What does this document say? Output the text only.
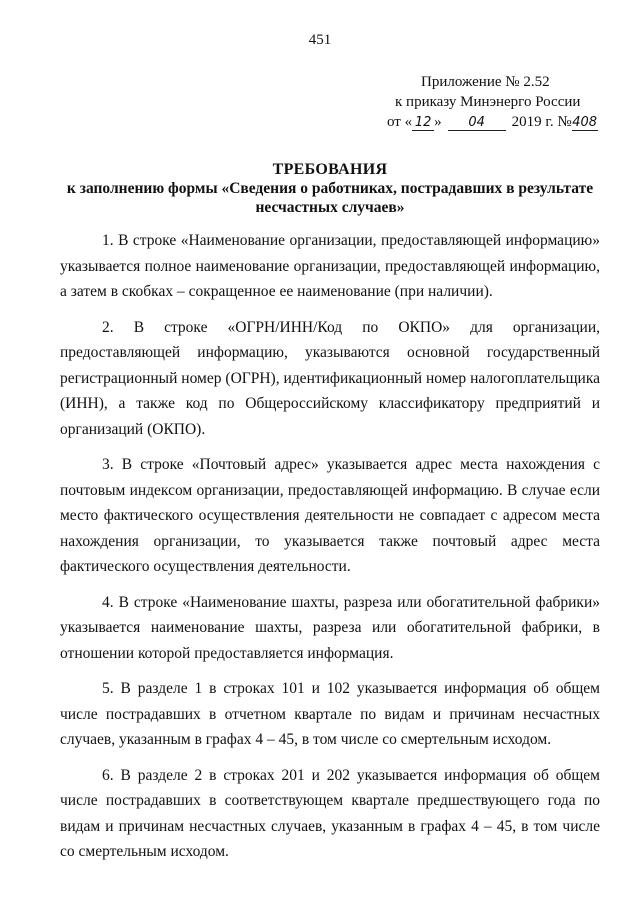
451
Приложение № 2.52
к приказу Минэнерго России
от « 12 » 04 2019 г. №408
ТРЕБОВАНИЯ
к заполнению формы «Сведения о работниках, пострадавших в результате несчастных случаев»

1. В строке «Наименование организации, предоставляющей информацию» указывается полное наименование организации, предоставляющей информацию, а затем в скобках – сокращенное ее наименование (при наличии).

2. В строке «ОГРН/ИНН/Код по ОКПО» для организации, предоставляющей информацию, указываются основной государственный регистрационный номер (ОГРН), идентификационный номер налогоплательщика (ИНН), а также код по Общероссийскому классификатору предприятий и организаций (ОКПО).

3. В строке «Почтовый адрес» указывается адрес места нахождения с почтовым индексом организации, предоставляющей информацию. В случае если место фактического осуществления деятельности не совпадает с адресом места нахождения организации, то указывается также почтовый адрес места фактического осуществления деятельности.

4. В строке «Наименование шахты, разреза или обогатительной фабрики» указывается наименование шахты, разреза или обогатительной фабрики, в отношении которой предоставляется информация.

5. В разделе 1 в строках 101 и 102 указывается информация об общем числе пострадавших в отчетном квартале по видам и причинам несчастных случаев, указанным в графах 4 – 45, в том числе со смертельным исходом.

6. В разделе 2 в строках 201 и 202 указывается информация об общем числе пострадавших в соответствующем квартале предшествующего года по видам и причинам несчастных случаев, указанным в графах 4 – 45, в том числе со смертельным исходом.
